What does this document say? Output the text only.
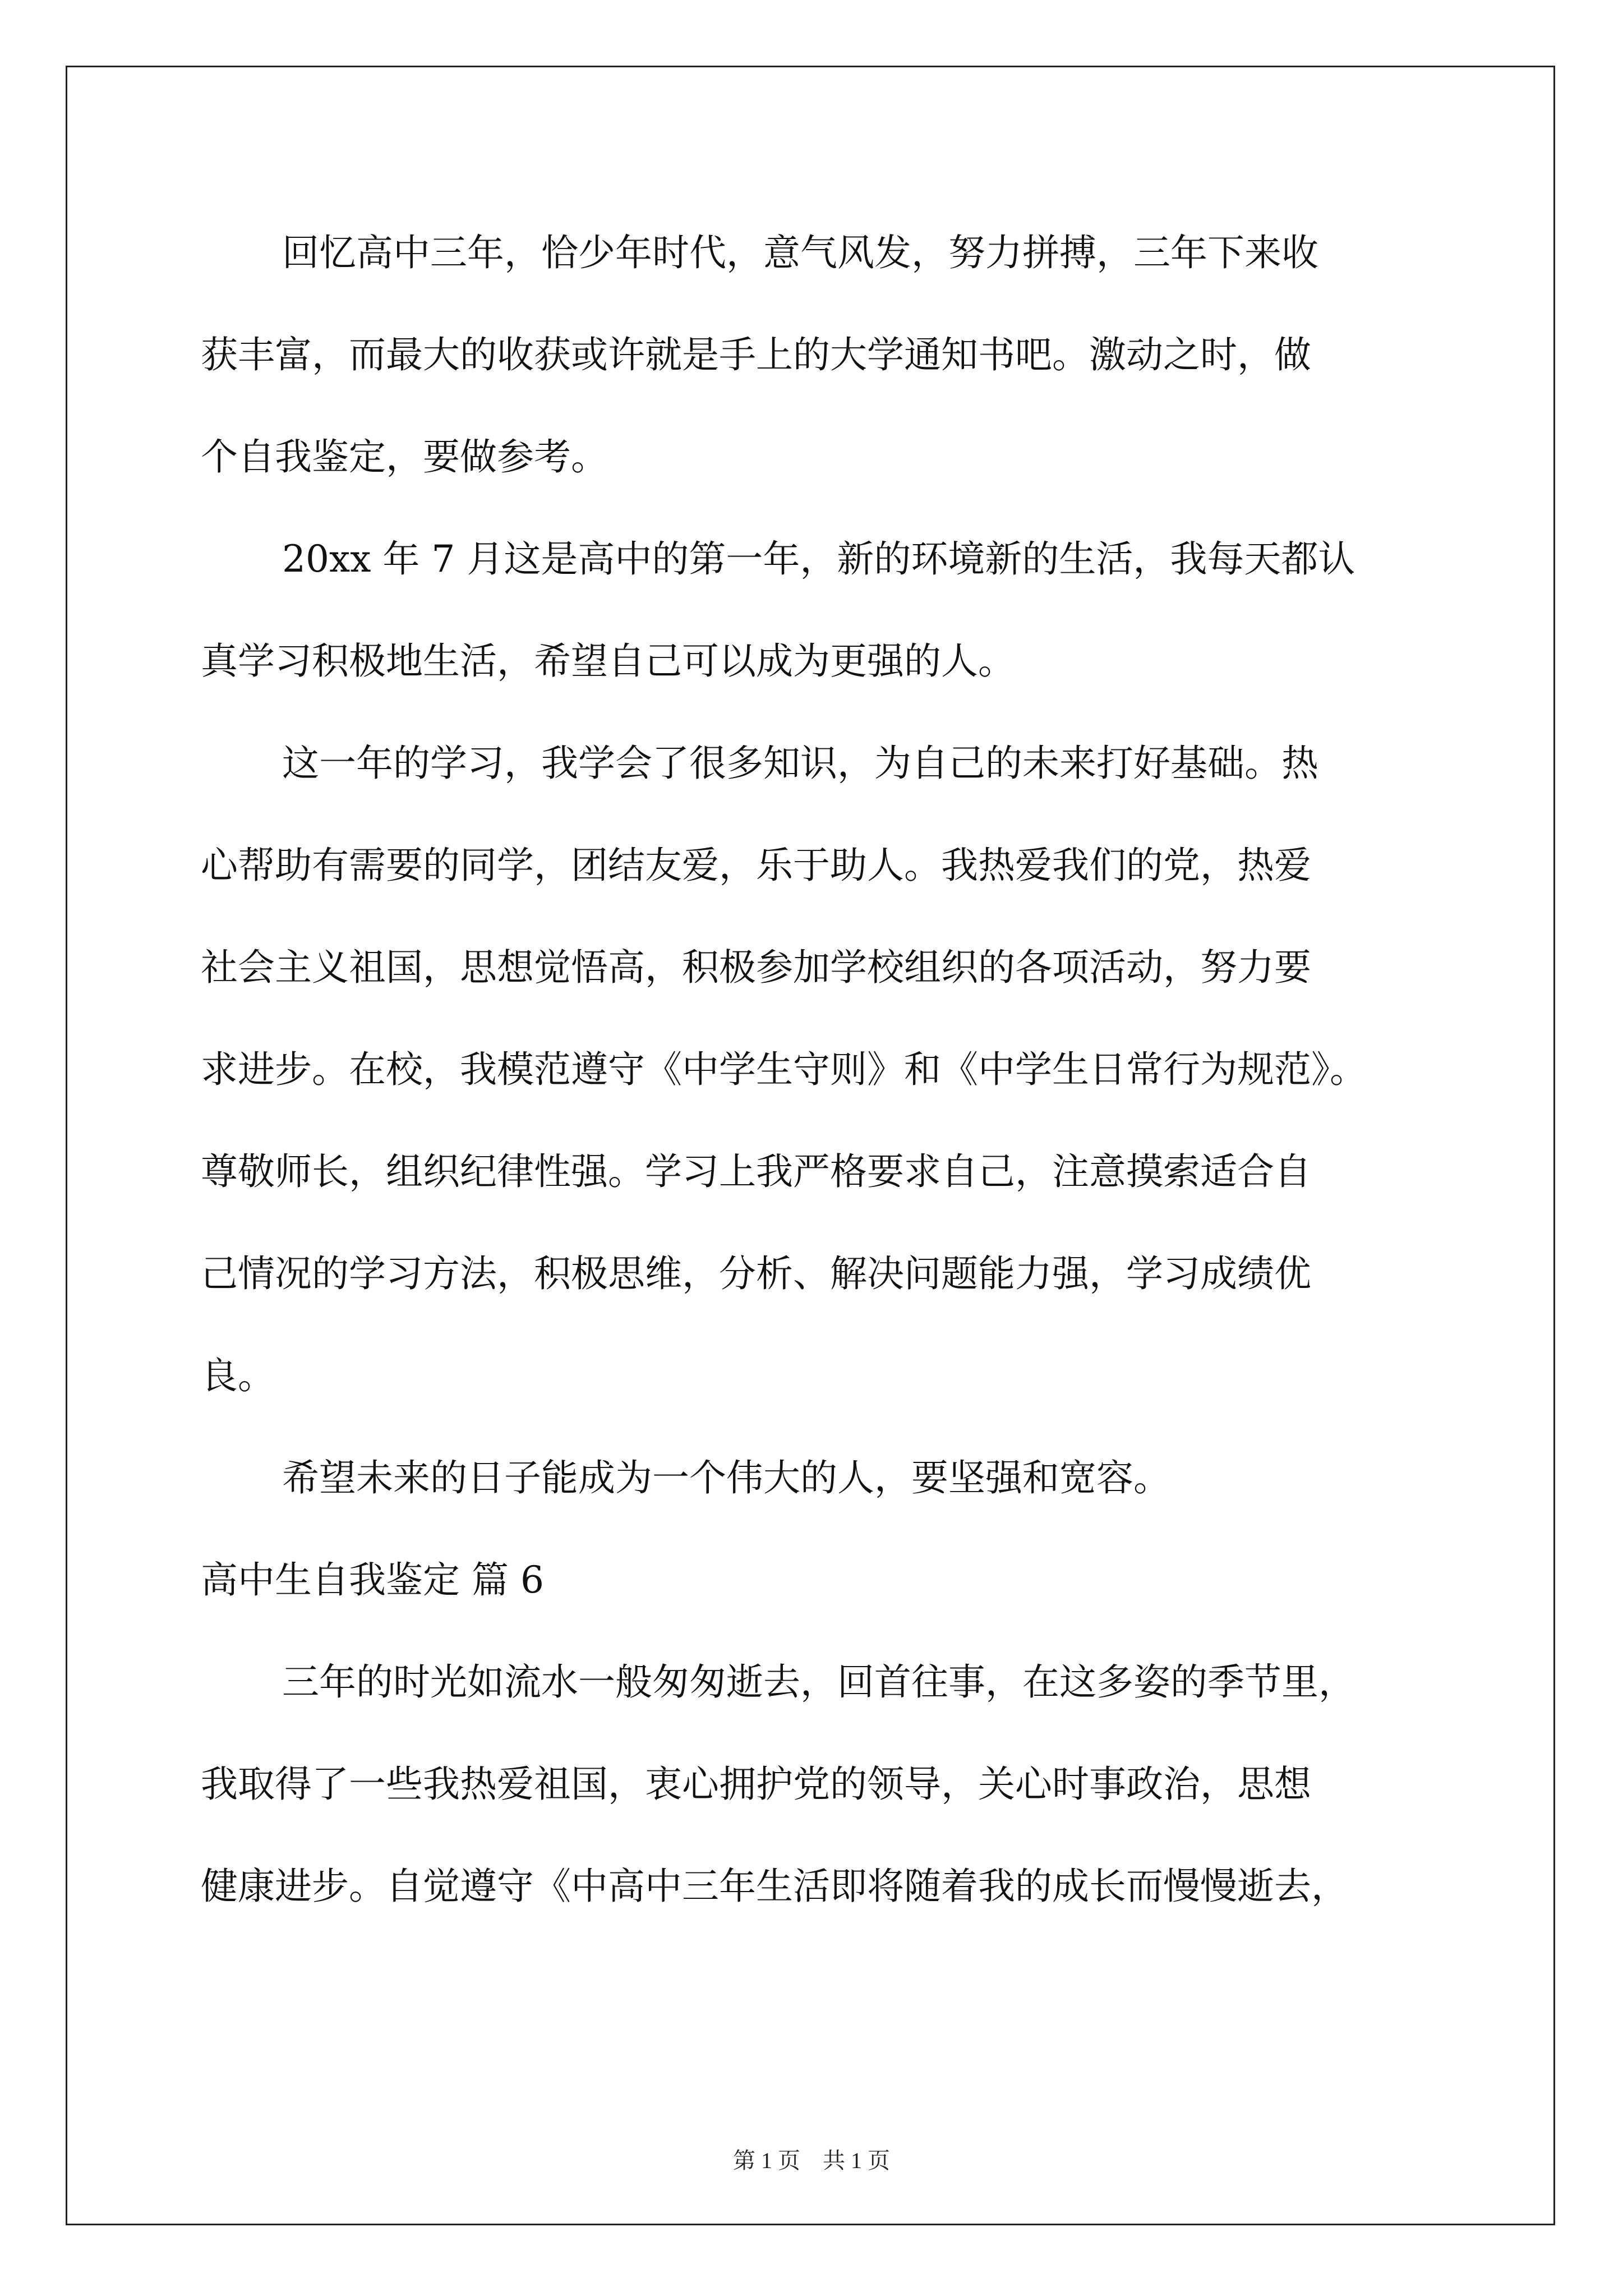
回忆高中三年，恰少年时代，意气风发，努力拼搏，三年下来收
获丰富，而最大的收获或许就是手上的大学通知书吧。激动之时，做
个自我鉴定，要做参考。

20xx 年 7 月这是高中的第一年，新的环境新的生活，我每天都认
真学习积极地生活，希望自己可以成为更强的人。

这一年的学习，我学会了很多知识，为自己的未来打好基础。热
心帮助有需要的同学，团结友爱，乐于助人。我热爱我们的党，热爱
社会主义祖国，思想觉悟高，积极参加学校组织的各项活动，努力要
求进步。在校，我模范遵守《中学生守则》和《中学生日常行为规范》。
尊敬师长，组织纪律性强。学习上我严格要求自己，注意摸索适合自
己情况的学习方法，积极思维，分析、解决问题能力强，学习成绩优
良。

希望未来的日子能成为一个伟大的人，要坚强和宽容。

高中生自我鉴定 篇 6

三年的时光如流水一般匆匆逝去，回首往事，在这多姿的季节里，
我取得了一些我热爱祖国，衷心拥护党的领导，关心时事政治，思想
健康进步。自觉遵守《中高中三年生活即将随着我的成长而慢慢逝去，

第 1 页　共 1 页
